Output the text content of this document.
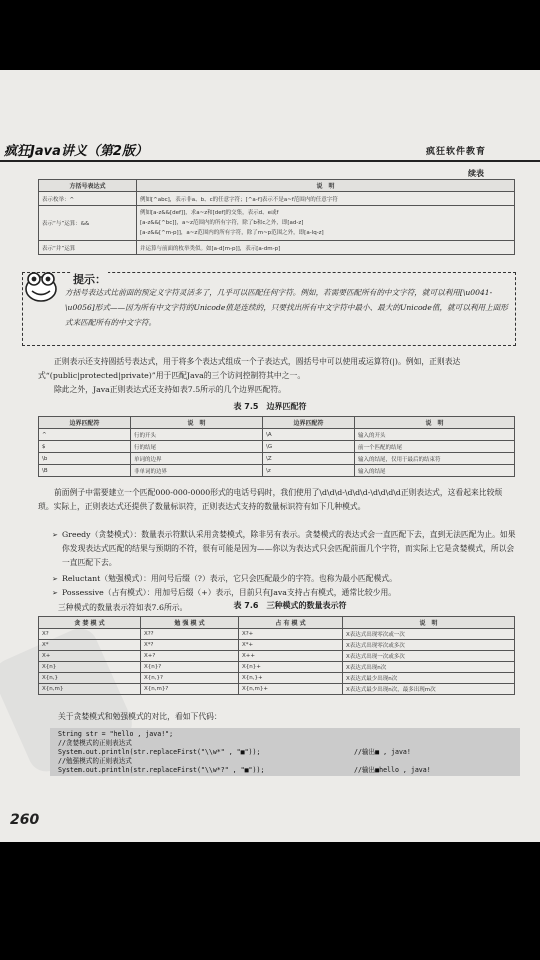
疯狂Java讲义（第2版）	疯狂软件教育
续表
方括号表达式	说　明
表示枚举：^	例如[^abc]，表示非a、b、c的任意字符；[^a-f]表示不是a~f范围内的任意字符
表示“与”运算：&&	例如[a-z&&[def]]，求a~z和[def]的交集，表示d、e或f
[a-z&&[^bc]]，a~z范围内的所有字符，除了b和c之外，即[ad-z]
[a-z&&[^m-p]]，a~z范围内的所有字符，除了m~p范围之外，即[a-lq-z]

表示“并”运算	并运算与前面的枚举类似。如[a-d[m-p]]，表示[a-dm-p]
提示：
方括号表达式比前面的预定义字符灵活多了，几乎可以匹配任何字符。例如，若需要匹配所有的中文字符，就可以利用[\u0041-\u0056]形式——因为所有中文字符的Unicode值是连续的，只要找出所有中文字符中最小、最大的Unicode值，就可以利用上面形式来匹配所有的中文字符。
正则表示还支持圆括号表达式，用于将多个表达式组成一个子表达式，圆括号中可以使用或运算符(|)。例如，正则表达式“(public|protected|private)”用于匹配Java的三个访问控制符其中之一。
除此之外，Java正则表达式还支持如表7.5所示的几个边界匹配符。
表 7.5　边界匹配符
边界匹配符	说　明	边界匹配符	说　明
^	行的开头	\A	输入的开头
$	行的结尾	\G	前一个匹配的结尾
\b	单词的边界	\Z	输入的结尾，仅用于最后的结束符
\B	非单词的边界	\z	输入的结尾
前面例子中需要建立一个匹配000-000-0000形式的电话号码时，我们使用了\d\d\d-\d\d\d-\d\d\d\d正则表达式，这看起来比较烦琐。实际上，正则表达式还提供了数量标识符，正则表达式支持的数量标识符有如下几种模式。
➢ Greedy（贪婪模式）：数量表示符默认采用贪婪模式，除非另有表示。贪婪模式的表达式会一直匹配下去，直到无法匹配为止。如果你发现表达式匹配的结果与预期的不符，很有可能是因为——你以为表达式只会匹配前面几个字符，而实际上它是贪婪模式，所以会一直匹配下去。
➢ Reluctant（勉强模式）：用问号后缀（?）表示，它只会匹配最少的字符。也称为最小匹配模式。
➢ Possessive（占有模式）：用加号后缀（+）表示，目前只有Java支持占有模式，通常比较少用。
三种模式的数量表示符如表7.6所示。	表 7.6　三种模式的数量表示符
贪 婪 模 式	勉 强 模 式	占 有 模 式	说　明
X?	X??	X?+	X表达式出现零次或一次
X*	X*?	X*+	X表达式出现零次或多次
X+	X+?	X++	X表达式出现一次或多次
X{n}	X{n}?	X{n}+	X表达式出现n次
X{n,}	X{n,}?	X{n,}+	X表达式最少出现n次
X{n,m}	X{n,m}?	X{n,m}+	X表达式最少出现n次，最多出现m次
关于贪婪模式和勉强模式的对比，看如下代码：
String str = "hello , java!";
//贪婪模式的正则表达式
System.out.println(str.replaceFirst("\\w*" , "■"));	//输出■ , java!
//勉强模式的正则表达式
System.out.println(str.replaceFirst("\\w*?" , "■"));	//输出■hello , java!
260
